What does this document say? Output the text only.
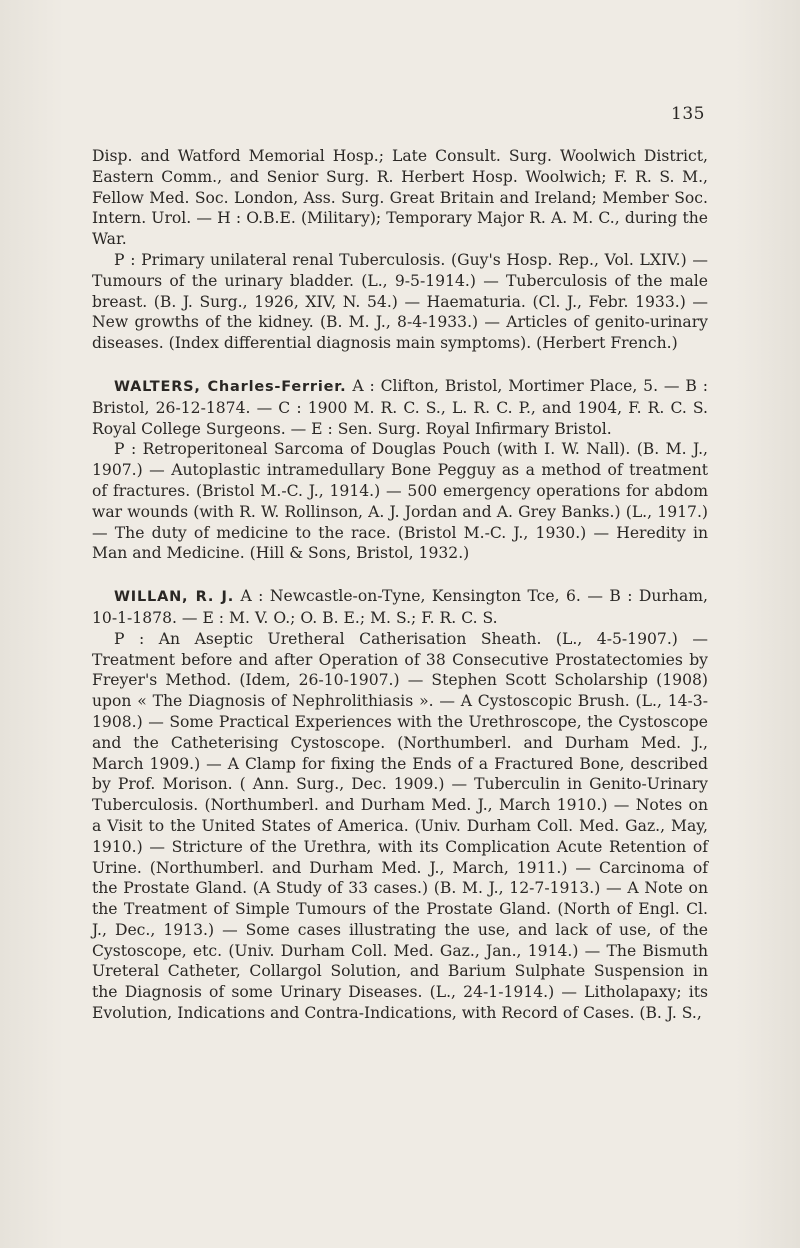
135

Disp. and Watford Memorial Hosp.; Late Consult. Surg. Woolwich District, Eastern Comm., and Senior Surg. R. Herbert Hosp. Woolwich; F. R. S. M., Fellow Med. Soc. London, Ass. Surg. Great Britain and Ireland; Member Soc. Intern. Urol. — H : O.B.E. (Military); Temporary Major R. A. M. C., during the War.

P : Primary unilateral renal Tuberculosis. (Guy's Hosp. Rep., Vol. LXIV.) — Tumours of the urinary bladder. (L., 9-5-1914.) — Tuberculosis of the male breast. (B. J. Surg., 1926, XIV, N. 54.) — Haematuria. (Cl. J., Febr. 1933.) — New growths of the kidney. (B. M. J., 8-4-1933.) — Articles of genito-urinary diseases. (Index differential diagnosis main symptoms). (Herbert French.)

WALTERS, Charles-Ferrier. A : Clifton, Bristol, Mortimer Place, 5. — B : Bristol, 26-12-1874. — C : 1900 M. R. C. S., L. R. C. P., and 1904, F. R. C. S. Royal College Surgeons. — E : Sen. Surg. Royal Infirmary Bristol.

P : Retroperitoneal Sarcoma of Douglas Pouch (with I. W. Nall). (B. M. J., 1907.) — Autoplastic intramedullary Bone Pegguy as a method of treatment of fractures. (Bristol M.-C. J., 1914.) — 500 emergency operations for abdom war wounds (with R. W. Rollinson, A. J. Jordan and A. Grey Banks.) (L., 1917.) — The duty of medicine to the race. (Bristol M.-C. J., 1930.) — Heredity in Man and Medicine. (Hill & Sons, Bristol, 1932.)

WILLAN, R. J. A : Newcastle-on-Tyne, Kensington Tce, 6. — B : Durham, 10-1-1878. — E : M. V. O.; O. B. E.; M. S.; F. R. C. S.

P : An Aseptic Uretheral Catherisation Sheath. (L., 4-5-1907.) — Treatment before and after Operation of 38 Consecutive Prostatectomies by Freyer's Method. (Idem, 26-10-1907.) — Stephen Scott Scholarship (1908) upon « The Diagnosis of Nephrolithiasis ». — A Cystoscopic Brush. (L., 14-3-1908.) — Some Practical Experiences with the Urethroscope, the Cystoscope and the Catheterising Cystoscope. (Northumberl. and Durham Med. J., March 1909.) — A Clamp for fixing the Ends of a Fractured Bone, described by Prof. Morison. ( Ann. Surg., Dec. 1909.) — Tuberculin in Genito-Urinary Tuberculosis. (Northumberl. and Durham Med. J., March 1910.) — Notes on a Visit to the United States of America. (Univ. Durham Coll. Med. Gaz., May, 1910.) — Stricture of the Urethra, with its Complication Acute Retention of Urine. (Northumberl. and Durham Med. J., March, 1911.) — Carcinoma of the Prostate Gland. (A Study of 33 cases.) (B. M. J., 12-7-1913.) — A Note on the Treatment of Simple Tumours of the Prostate Gland. (North of Engl. Cl. J., Dec., 1913.) — Some cases illustrating the use, and lack of use, of the Cystoscope, etc. (Univ. Durham Coll. Med. Gaz., Jan., 1914.) — The Bismuth Ureteral Catheter, Collargol Solution, and Barium Sulphate Suspension in the Diagnosis of some Urinary Diseases. (L., 24-1-1914.) — Litholapaxy; its Evolution, Indications and Contra-Indications, with Record of Cases. (B. J. S.,
